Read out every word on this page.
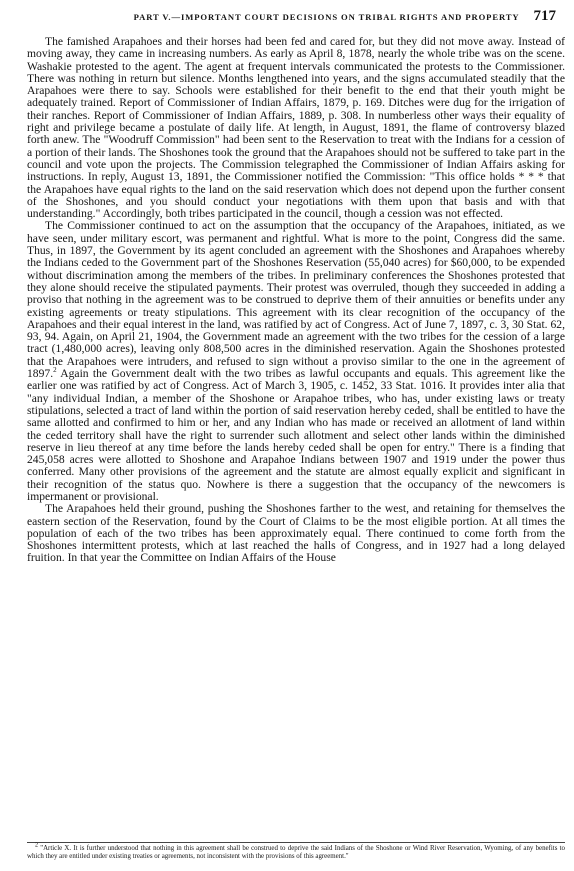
PART V.—IMPORTANT COURT DECISIONS ON TRIBAL RIGHTS AND PROPERTY 717

The famished Arapahoes and their horses had been fed and cared for, but they did not move away. Instead of moving away, they came in increasing numbers. As early as April 8, 1878, nearly the whole tribe was on the scene. Washakie protested to the agent. The agent at frequent intervals communicated the protests to the Commissioner. There was nothing in return but silence. Months lengthened into years, and the signs accumulated steadily that the Arapahoes were there to say. Schools were established for their benefit to the end that their youth might be adequately trained. Report of Commissioner of Indian Affairs, 1879, p. 169. Ditches were dug for the irrigation of their ranches. Report of Commissioner of Indian Affairs, 1889, p. 308. In numberless other ways their equality of right and privilege became a postulate of daily life. At length, in August, 1891, the flame of controversy blazed forth anew. The "Woodruff Commission" had been sent to the Reservation to treat with the Indians for a cession of a portion of their lands. The Shoshones took the ground that the Arapahoes should not be suffered to take part in the council and vote upon the projects. The Commission telegraphed the Commissioner of Indian Affairs asking for instructions. In reply, August 13, 1891, the Commissioner notified the Commission: "This office holds * * * that the Arapahoes have equal rights to the land on the said reservation which does not depend upon the further consent of the Shoshones, and you should conduct your negotiations with them upon that basis and with that understanding." Accordingly, both tribes participated in the council, though a cession was not effected.

The Commissioner continued to act on the assumption that the occupancy of the Arapahoes, initiated, as we have seen, under military escort, was permanent and rightful. What is more to the point, Congress did the same. Thus, in 1897, the Government by its agent concluded an agreement with the Shoshones and Arapahoes whereby the Indians ceded to the Government part of the Shoshones Reservation (55,040 acres) for $60,000, to be expended without discrimination among the members of the tribes. In preliminary conferences the Shoshones protested that they alone should receive the stipulated payments. Their protest was overruled, though they succeeded in adding a proviso that nothing in the agreement was to be construed to deprive them of their annuities or benefits under any existing agreements or treaty stipulations. This agreement with its clear recognition of the occupancy of the Arapahoes and their equal interest in the land, was ratified by act of Congress. Act of June 7, 1897, c. 3, 30 Stat. 62, 93, 94. Again, on April 21, 1904, the Government made an agreement with the two tribes for the cession of a large tract (1,480,000 acres), leaving only 808,500 acres in the diminished reservation. Again the Shoshones protested that the Arapahoes were intruders, and refused to sign without a proviso similar to the one in the agreement of 1897.$^2$ Again the Government dealt with the two tribes as lawful occupants and equals. This agreement like the earlier one was ratified by act of Congress. Act of March 3, 1905, c. 1452, 33 Stat. 1016. It provides inter alia that "any individual Indian, a member of the Shoshone or Arapahoe tribes, who has, under existing laws or treaty stipulations, selected a tract of land within the portion of said reservation hereby ceded, shall be entitled to have the same allotted and confirmed to him or her, and any Indian who has made or received an allotment of land within the ceded territory shall have the right to surrender such allotment and select other lands within the diminished reserve in lieu thereof at any time before the lands hereby ceded shall be open for entry." There is a finding that 245,058 acres were allotted to Shoshone and Arapahoe Indians between 1907 and 1919 under the power thus conferred. Many other provisions of the agreement and the statute are almost equally explicit and significant in their recognition of the status quo. Nowhere is there a suggestion that the occupancy of the newcomers is impermanent or provisional.

The Arapahoes held their ground, pushing the Shoshones farther to the west, and retaining for themselves the eastern section of the Reservation, found by the Court of Claims to be the most eligible portion. At all times the population of each of the two tribes has been approximately equal. There continued to come forth from the Shoshones intermittent protests, which at last reached the halls of Congress, and in 1927 had a long delayed fruition. In that year the Committee on Indian Affairs of the House

2 "Article X. It is further understood that nothing in this agreement shall be construed to deprive the said Indians of the Shoshone or Wind River Reservation, Wyoming, of any benefits to which they are entitled under existing treaties or agreements, not inconsistent with the provisions of this agreement."
